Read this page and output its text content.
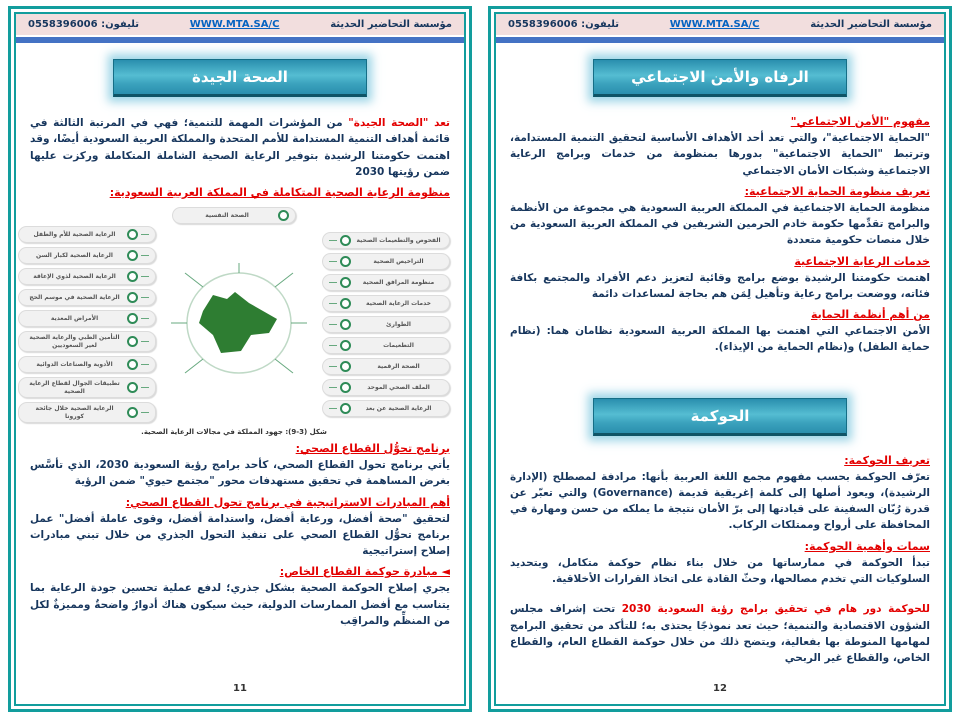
مؤسسة التحاضير الحديثة
WWW.MTA.SA/C
تليفون: 0558396006
الصحة الجيدة

تعد "الصحة الجيدة" من المؤشرات المهمة للتنمية؛ فهي في المرتبة الثالثة في قائمة أهداف التنمية المستدامة للأمم المتحدة والمملكة العربية السعودية أيضًا، وقد اهتمت حكومتنا الرشيدة بتوفير الرعاية الصحية الشاملة المتكاملة وركزت عليها ضمن رؤيتها 2030

منظومة الرعاية الصحية المتكاملة في المملكة العربية السعودية:
الصحة النفسية
الرعاية الصحية للأم والطفل
الرعاية الصحية لكبار السن
الرعاية الصحية لذوي الإعاقة
الرعاية الصحية في موسم الحج
الأمراض المعدية
التأمين الطبي والرعاية الصحية لغير السعوديين
الأدوية والصناعات الدوائية
تطبيقات الجوال لقطاع الرعاية الصحية
الرعاية الصحية خلال جائحة كورونا
الفحوص والتطعيمات الصحية
التراخيص الصحية
منظومة المرافق الصحية
خدمات الرعاية الصحية
الطوارئ
التطعيمات
الصحة الرقمية
الملف الصحي الموحد
الرعاية الصحية عن بعد
شكل (3-9): جهود المملكة في مجالات الرعاية الصحية.
برنامج تحوُّل القطاع الصحي:

يأتي برنامج تحول القطاع الصحي، كأحد برامج رؤية السعودية 2030، الذي تأسَّس بغرض المساهمة في تحقيق مستهدفات محور "مجتمع حيوي" ضمن الرؤية

أهم المبادرات الاستراتيجية في برنامج تحول القطاع الصحي:

لتحقيق "صحة أفضل، ورعاية أفضل، واستدامة أفضل، وقوى عاملة أفضل" عمل برنامج تحوُّل القطاع الصحي على تنفيذ التحول الجذري من خلال تبني مبادرات إصلاح إستراتيجية

◄ مبادرة حوكمة القطاع الخاص:

يجري إصلاح الحوكمة الصحية بشكل جذري؛ لدفع عملية تحسين جودة الرعاية بما يتناسب مع أفضل الممارسات الدولية، حيث سيكون هناك أدوارٌ واضحةٌ ومميزةٌ لكل من المنظِّم والمراقِب

11
مؤسسة التحاضير الحديثة
WWW.MTA.SA/C
تليفون: 0558396006
الرفاه والأمن الاجتماعي
مفهوم "الأمن الاجتماعي"

"الحماية الاجتماعية"، والتي تعد أحد الأهداف الأساسية لتحقيق التنمية المستدامة، وترتبط "الحماية الاجتماعية" بدورها بمنظومة من خدمات وبرامج الرعاية الاجتماعية وشبكات الأمان الاجتماعي

تعريف منظومة الحماية الاجتماعية:

منظومة الحماية الاجتماعية في المملكة العربية السعودية هي مجموعة من الأنظمة والبرامج تقدِّمها حكومة خادم الحرمين الشريفين في المملكة العربية السعودية من خلال منصات حكومية متعددة

خدمات الرعاية الاجتماعية

اهتمت حكومتنا الرشيدة بوضع برامج وقائية لتعزيز دعم الأفراد والمجتمع بكافة فئاته، ووضعت برامج رعاية وتأهيل لِمَن هم بحاجة لمساعدات دائمة

من أهم أنظمة الحماية

الأمن الاجتماعي التي اهتمت بها المملكة العربية السعودية نظامان هما: (نظام حماية الطفل) و(نظام الحماية من الإيذاء).

الحوكمة
تعريف الحوكمة:

تعرّف الحوكمة بحسب مفهوم مجمع اللغة العربية بأنها: مرادفة لمصطلح (الإدارة الرشيدة)، ويعود أصلها إلى كلمة إغريقية قديمة (Governance) والتي تعبّر عن قدرة رُبّان السفينة على قيادتها إلى برّ الأمان نتيجة ما يملكه من حسن ومهارة في المحافظة على أرواح وممتلكات الركاب.

سمات وأهمية الحوكمة:

تبدأ الحوكمة في ممارساتها من خلال بناء نظام حوكمة متكامل، وبتحديد السلوكيات التي تخدم مصالحها، وحثّ القادة على اتخاذ القرارات الأخلاقية.

للحوكمة دور هام في تحقيق برامج رؤية السعودية 2030 تحت إشراف مجلس الشؤون الاقتصادية والتنمية؛ حيث تعد نموذجًا يحتذى به؛ للتأكد من تحقيق البرامج لمهامها المنوطة بها بفعالية، ويتضح ذلك من خلال حوكمة القطاع العام، والقطاع الخاص، والقطاع غير الربحي

12
